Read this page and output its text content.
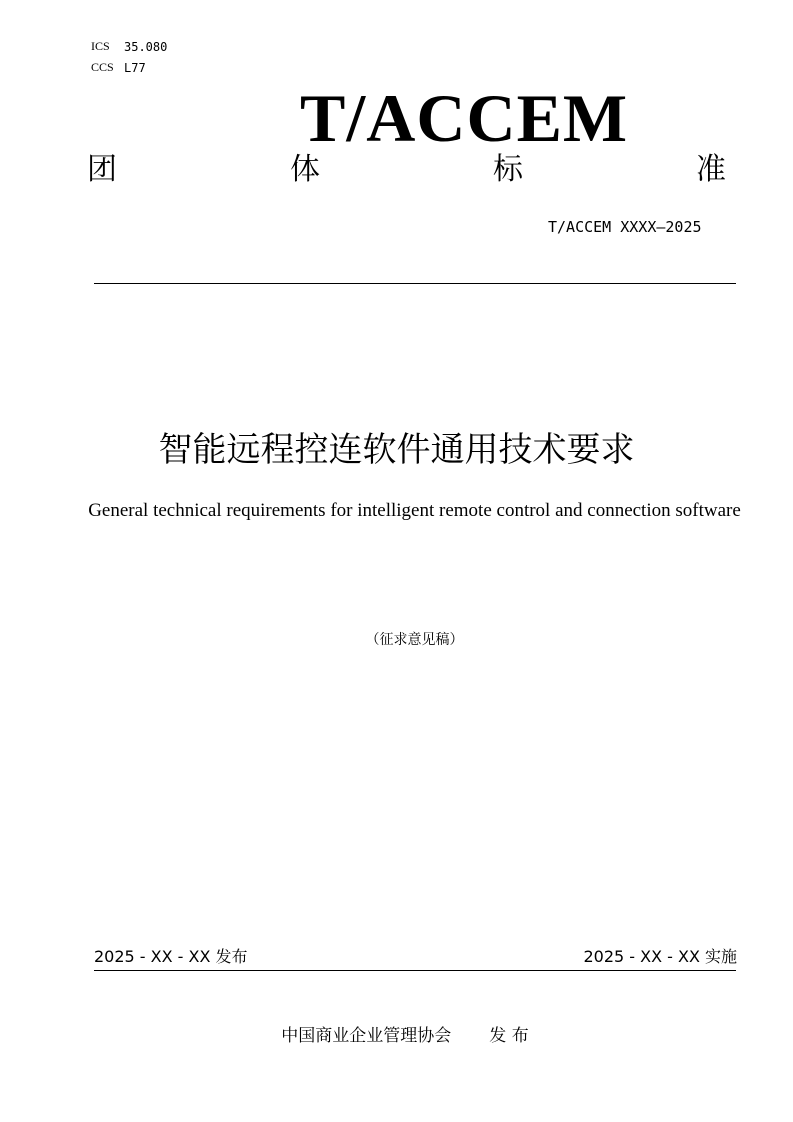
ICS 35.080
CCS L77
T/ACCEM
团	体	标	准
T/ACCEM XXXX—2025
智能远程控连软件通用技术要求
General technical requirements for intelligent remote control and connection software
（征求意见稿）
2025 - XX - XX 发布	2025 - XX - XX 实施
中国商业企业管理协会 发 布
